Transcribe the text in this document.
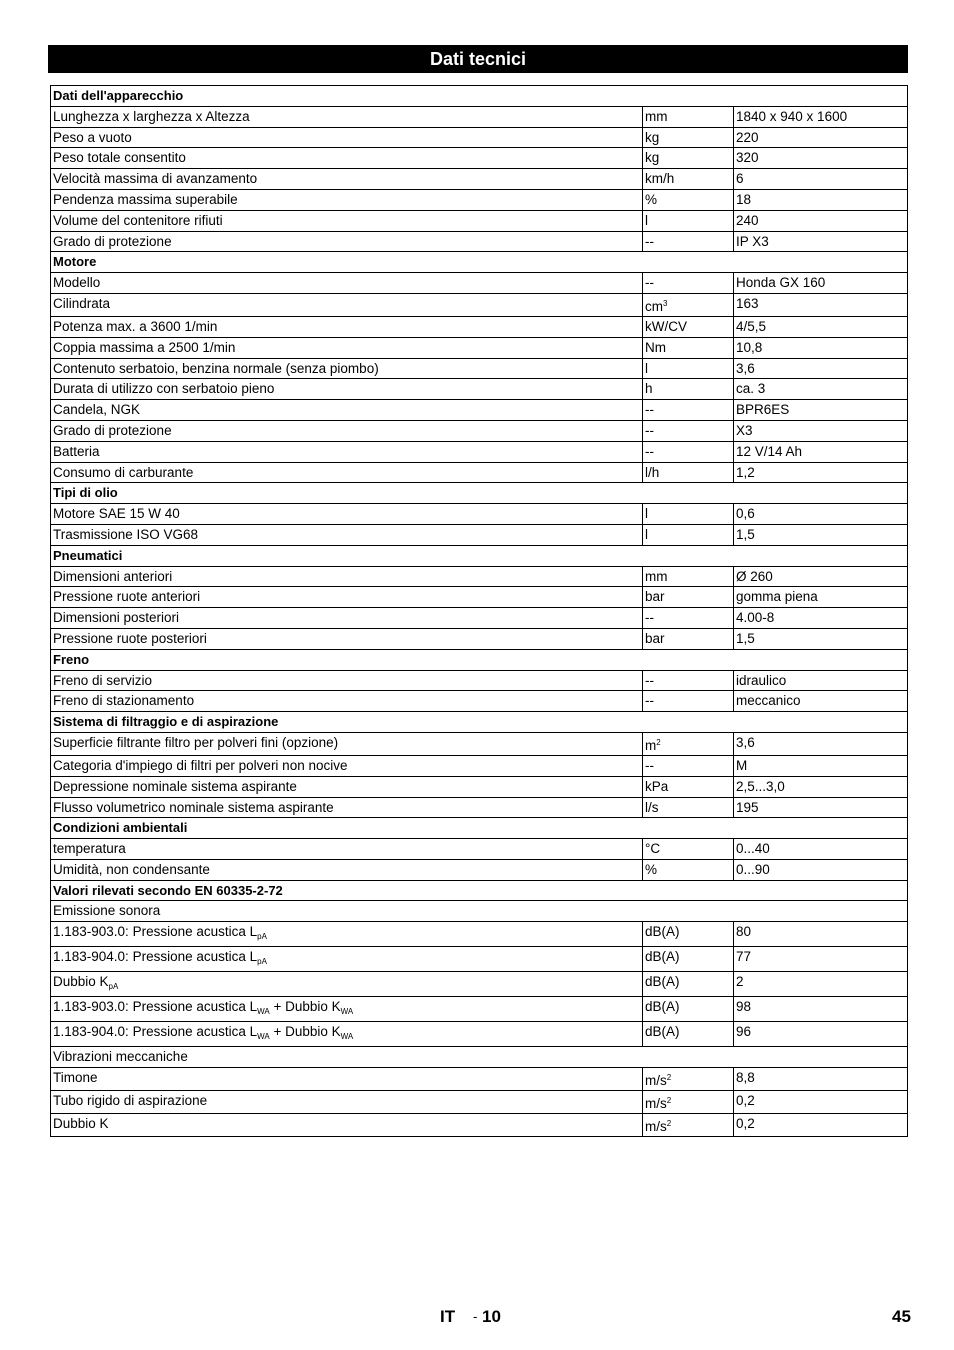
Dati tecnici
Dati dell'apparecchio		
Lunghezza x larghezza x Altezza	mm	1840 x 940 x 1600
Peso a vuoto	kg	220
Peso totale consentito	kg	320
Velocità massima di avanzamento	km/h	6
Pendenza massima superabile	%	18
Volume del contenitore rifiuti	l	240
Grado di protezione	--	IP X3
Motore		
Modello	--	Honda GX 160
Cilindrata	$cm^3$	163
Potenza max. a 3600 1/min	kW/CV	4/5,5
Coppia massima a 2500 1/min	Nm	10,8
Contenuto serbatoio, benzina normale (senza piombo)	l	3,6
Durata di utilizzo con serbatoio pieno	h	ca. 3
Candela, NGK	--	BPR6ES
Grado di protezione	--	X3
Batteria	--	12 V/14 Ah
Consumo di carburante	l/h	1,2
Tipi di olio		
Motore SAE 15 W 40	l	0,6
Trasmissione ISO VG68	l	1,5
Pneumatici		
Dimensioni anteriori	mm	Ø 260
Pressione ruote anteriori	bar	gomma piena
Dimensioni posteriori	--	4.00-8
Pressione ruote posteriori	bar	1,5
Freno		
Freno di servizio	--	idraulico
Freno di stazionamento	--	meccanico
Sistema di filtraggio e di aspirazione		
Superficie filtrante filtro per polveri fini (opzione)	$m^2$	3,6
Categoria d'impiego di filtri per polveri non nocive	--	M
Depressione nominale sistema aspirante	kPa	2,5...3,0
Flusso volumetrico nominale sistema aspirante	l/s	195
Condizioni ambientali		
temperatura	°C	0...40
Umidità, non condensante	%	0...90
Valori rilevati secondo EN 60335-2-72		
Emissione sonora		
1.183-903.0: Pressione acustica $L_{pA}$	dB(A)	80
1.183-904.0: Pressione acustica $L_{pA}$	dB(A)	77
Dubbio $K_{pA}$	dB(A)	2
1.183-903.0: Pressione acustica $L_{WA}$ + Dubbio $K_{WA}$	dB(A)	98
1.183-904.0: Pressione acustica $L_{WA}$ + Dubbio $K_{WA}$	dB(A)	96
Vibrazioni meccaniche		
Timone	$m/s^2$	8,8
Tubo rigido di aspirazione	$m/s^2$	0,2
Dubbio K	$m/s^2$	0,2
IT - 10	45
